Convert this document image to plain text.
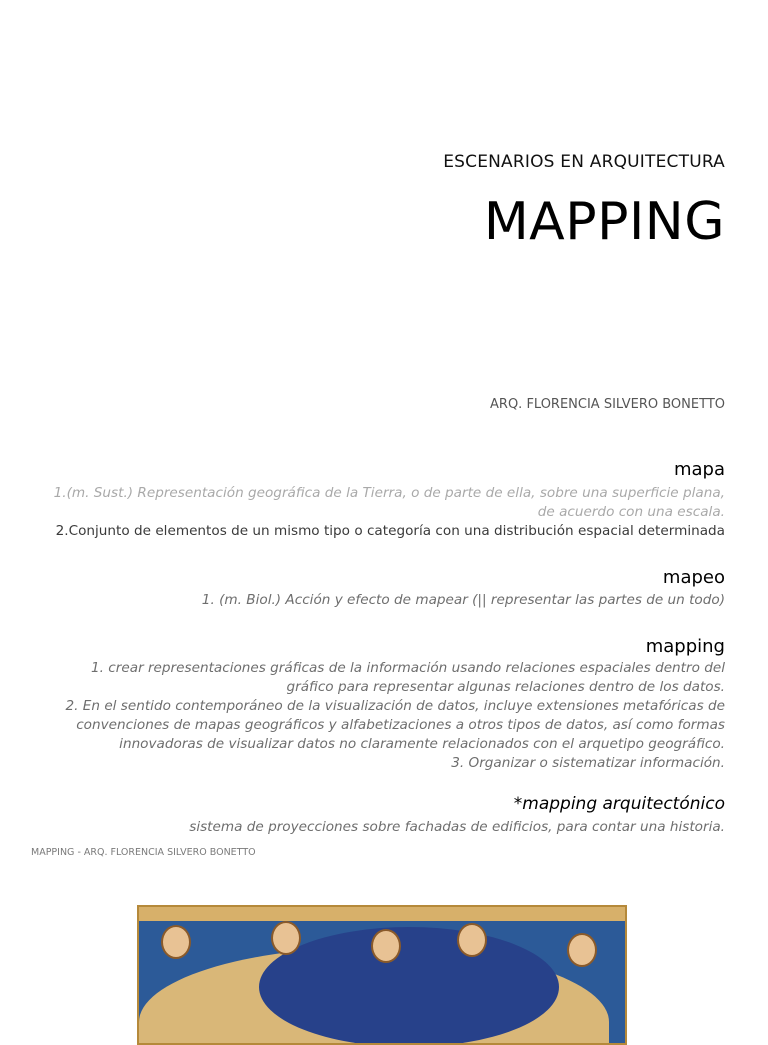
ESCENARIOS EN ARQUITECTURA
MAPPING
ARQ. FLORENCIA SILVERO BONETTO
mapa
1.(m. Sust.) Representación geográfica de la Tierra, o de parte de ella, sobre una superficie plana,
de acuerdo con una escala.
2.Conjunto de elementos de un mismo tipo o categoría con una distribución espacial determinada
mapeo
1. (m. Biol.) Acción y efecto de mapear (|| representar las partes de un todo)
mapping
1. crear representaciones gráficas de la información usando relaciones espaciales dentro del
gráfico para representar algunas relaciones dentro de los datos.
2. En el sentido contemporáneo de la visualización de datos, incluye extensiones metafóricas de
convenciones de mapas geográficos y alfabetizaciones a otros tipos de datos, así como formas
innovadoras de visualizar datos no claramente relacionados con el arquetipo geográfico.
3. Organizar o sistematizar información.
*mapping arquitectónico
sistema de proyecciones sobre fachadas de edificios, para contar una historia.
MAPPING - ARQ. FLORENCIA SILVERO BONETTO
